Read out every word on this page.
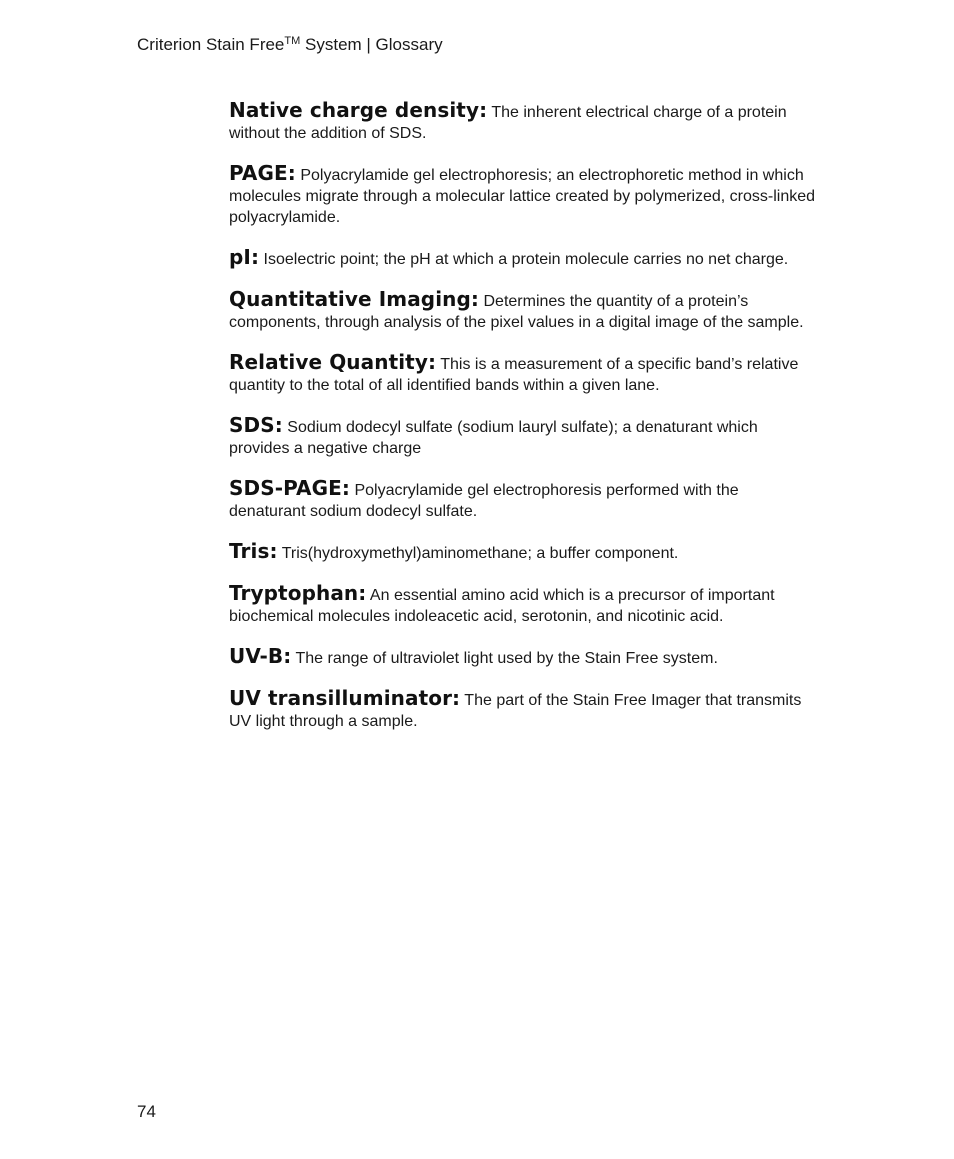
Criterion Stain Free™ System | Glossary

Native charge density: The inherent electrical charge of a protein without the addition of SDS.

PAGE: Polyacrylamide gel electrophoresis; an electrophoretic method in which molecules migrate through a molecular lattice created by polymerized, cross-linked polyacrylamide.

pI: Isoelectric point; the pH at which a protein molecule carries no net charge.

Quantitative Imaging: Determines the quantity of a protein’s components, through analysis of the pixel values in a digital image of the sample.

Relative Quantity: This is a measurement of a specific band’s relative quantity to the total of all identified bands within a given lane.

SDS: Sodium dodecyl sulfate (sodium lauryl sulfate); a denaturant which provides a negative charge

SDS-PAGE: Polyacrylamide gel electrophoresis performed with the denaturant sodium dodecyl sulfate.

Tris: Tris(hydroxymethyl)aminomethane; a buffer component.

Tryptophan: An essential amino acid which is a precursor of important biochemical molecules indoleacetic acid, serotonin, and nicotinic acid.

UV-B: The range of ultraviolet light used by the Stain Free system.

UV transilluminator: The part of the Stain Free Imager that transmits UV light through a sample.

74
